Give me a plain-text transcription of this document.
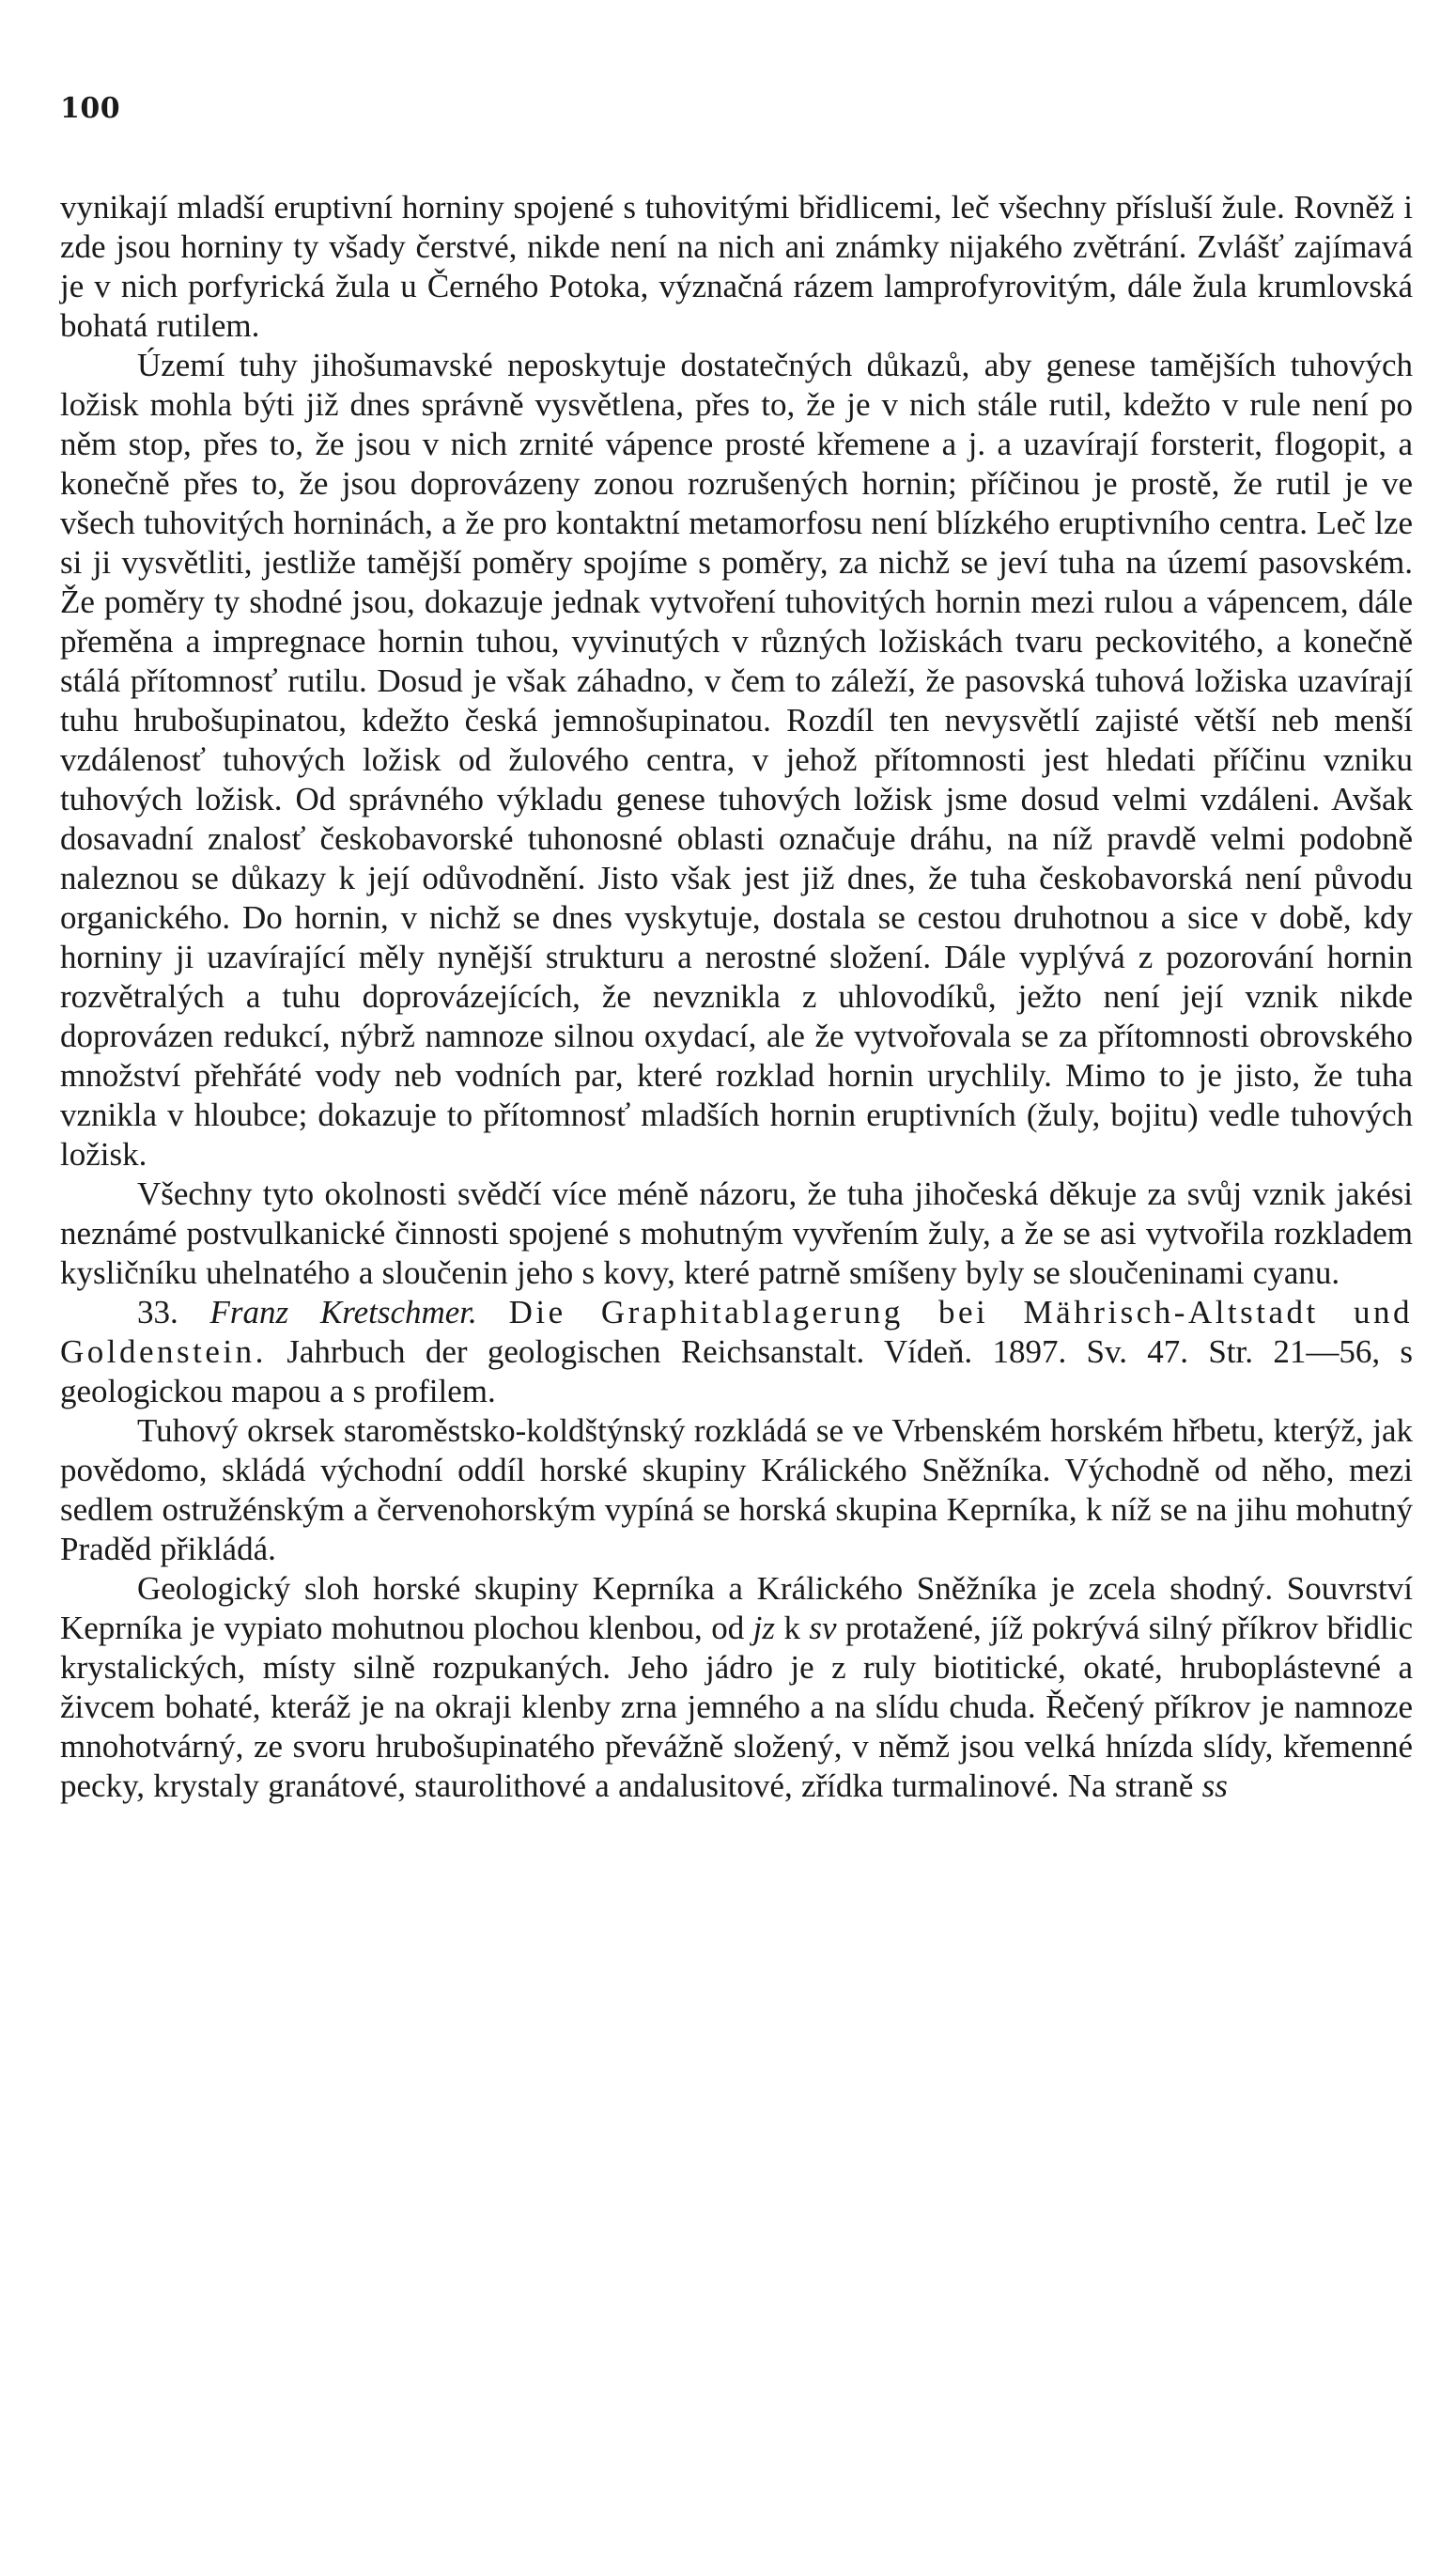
100

vynikají mladší eruptivní horniny spojené s tuhovitými břidlicemi, leč všechny přísluší žule. Rovněž i zde jsou horniny ty všady čerstvé, nikde není na nich ani známky nijakého zvětrání. Zvlášť zajímavá je v nich porfyrická žula u Černého Potoka, význačná rázem lamprofyrovitým, dále žula krumlovská bohatá rutilem.

Území tuhy jihošumavské neposkytuje dostatečných důkazů, aby genese tamějších tuhových ložisk mohla býti již dnes správně vysvětlena, přes to, že je v nich stále rutil, kdežto v rule není po něm stop, přes to, že jsou v nich zrnité vápence prosté křemene a j. a uzavírají forsterit, flogopit, a konečně přes to, že jsou doprovázeny zonou rozrušených hornin; příčinou je prostě, že rutil je ve všech tuhovitých horninách, a že pro kontaktní metamorfosu není blízkého eruptivního centra. Leč lze si ji vysvětliti, jestliže tamější poměry spojíme s poměry, za nichž se jeví tuha na území pasovském. Že poměry ty shodné jsou, dokazuje jednak vytvoření tuhovitých hornin mezi rulou a vápencem, dále přeměna a impregnace hornin tuhou, vyvinutých v různých ložiskách tvaru peckovitého, a konečně stálá přítomnosť rutilu. Dosud je však záhadno, v čem to záleží, že pasovská tuhová ložiska uzavírají tuhu hrubošupinatou, kdežto česká jemnošupinatou. Rozdíl ten nevysvětlí zajisté větší neb menší vzdálenosť tuhových ložisk od žulového centra, v jehož přítomnosti jest hledati příčinu vzniku tuhových ložisk. Od správného výkladu genese tuhových ložisk jsme dosud velmi vzdáleni. Avšak dosavadní znalosť českobavorské tuhonosné oblasti označuje dráhu, na níž pravdě velmi podobně naleznou se důkazy k její odůvodnění. Jisto však jest již dnes, že tuha českobavorská není původu organického. Do hornin, v nichž se dnes vyskytuje, dostala se cestou druhotnou a sice v době, kdy horniny ji uzavírající měly nynější strukturu a nerostné složení. Dále vyplývá z pozorování hornin rozvětralých a tuhu doprovázejících, že nevznikla z uhlovodíků, ježto není její vznik nikde doprovázen redukcí, nýbrž namnoze silnou oxydací, ale že vytvořovala se za přítomnosti obrovského množství přehřáté vody neb vodních par, které rozklad hornin urychlily. Mimo to je jisto, že tuha vznikla v hloubce; dokazuje to přítomnosť mladších hornin eruptivních (žuly, bojitu) vedle tuhových ložisk.

Všechny tyto okolnosti svědčí více méně názoru, že tuha jihočeská děkuje za svůj vznik jakési neznámé postvulkanické činnosti spojené s mohutným vyvřením žuly, a že se asi vytvořila rozkladem kysličníku uhelnatého a sloučenin jeho s kovy, které patrně smíšeny byly se sloučeninami cyanu.

33. Franz Kretschmer. Die Graphitablagerung bei Mährisch-Altstadt und Goldenstein. Jahrbuch der geologischen Reichsanstalt. Vídeň. 1897. Sv. 47. Str. 21—56, s geologickou mapou a s profilem.

Tuhový okrsek staroměstsko-koldštýnský rozkládá se ve Vrbenském horském hřbetu, kterýž, jak povědomo, skládá východní oddíl horské skupiny Králického Sněžníka. Východně od něho, mezi sedlem ostružénským a červenohorským vypíná se horská skupina Keprníka, k níž se na jihu mohutný Praděd přikládá.

Geologický sloh horské skupiny Keprníka a Králického Sněžníka je zcela shodný. Souvrství Keprníka je vypiato mohutnou plochou klenbou, od jz k sv protažené, jíž pokrývá silný příkrov břidlic krystalických, místy silně rozpukaných. Jeho jádro je z ruly biotitické, okaté, hruboplástevné a živcem bohaté, kteráž je na okraji klenby zrna jemného a na slídu chuda. Řečený příkrov je namnoze mnohotvárný, ze svoru hrubošupinatého převážně složený, v němž jsou velká hnízda slídy, křemenné pecky, krystaly granátové, staurolithové a andalusitové, zřídka turmalinové. Na straně ss
